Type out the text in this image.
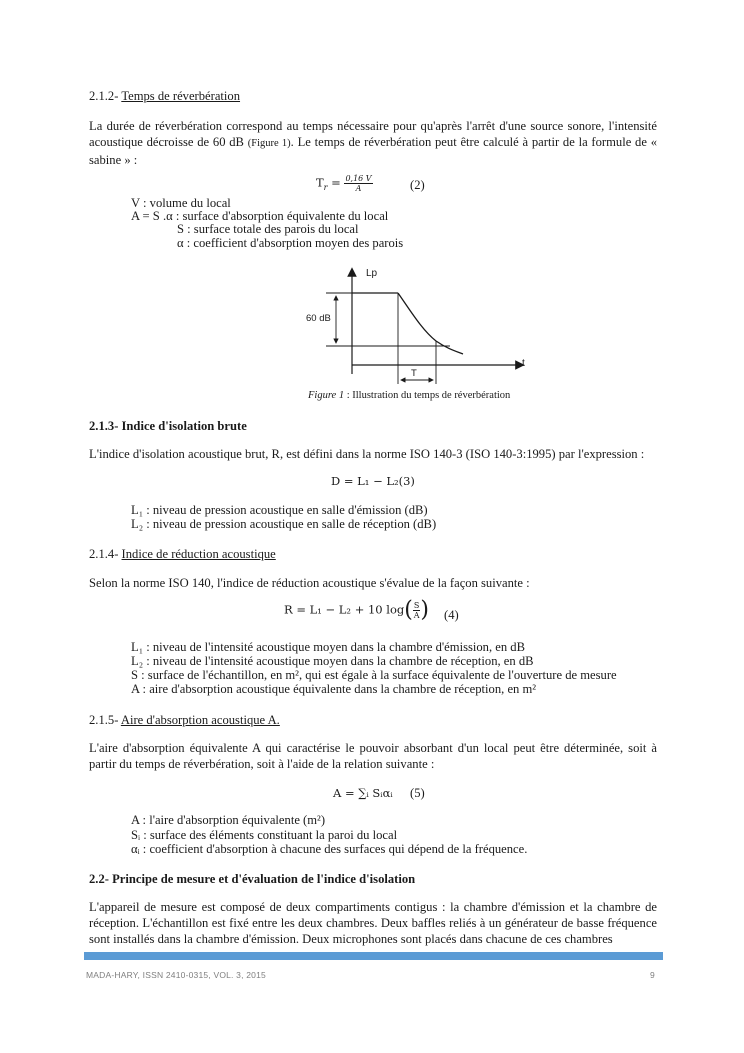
2.1.2- Temps de réverbération
La durée de réverbération correspond au temps nécessaire pour qu'après l'arrêt d'une source sonore, l'intensité acoustique décroisse de 60 dB (Figure 1). Le temps de réverbération peut être calculé à partir de la formule de « sabine » :
$T_r = \frac{0,16 V}{A}$	(2)
V : volume du local
A = S .α : surface d'absorption équivalente du local
S : surface totale des parois du local
α : coefficient d'absorption moyen des parois
Lp
t
60 dB
T
Figure 1 : Illustration du temps de réverbération
2.1.3- Indice d'isolation brute
L'indice d'isolation acoustique brut, R, est défini dans la norme ISO 140-3 (ISO 140-3:1995) par l'expression :
D = L₁ − L₂(3)
L₁ : niveau de pression acoustique en salle d'émission (dB)
L₂ : niveau de pression acoustique en salle de réception (dB)
2.1.4- Indice de réduction acoustique
Selon la norme ISO 140, l'indice de réduction acoustique s'évalue de la façon suivante :
R = L₁ − L₂ + 10 $\log( \frac{S}{A}$ ) (4)
L₁ : niveau de l'intensité acoustique moyen dans la chambre d'émission, en dB
L₂ : niveau de l'intensité acoustique moyen dans la chambre de réception, en dB
S : surface de l'échantillon, en m², qui est égale à la surface équivalente de l'ouverture de mesure
A : aire d'absorption acoustique équivalente dans la chambre de réception, en m²
2.1.5- Aire d'absorption acoustique A.
L'aire d'absorption équivalente A qui caractérise le pouvoir absorbant d'un local peut être déterminée, soit à partir du temps de réverbération, soit à l'aide de la relation suivante :
A = ∑ᵢ Sᵢαᵢ (5)
A : l'aire d'absorption équivalente (m²)
Sᵢ : surface des éléments constituant la paroi du local
αᵢ : coefficient d'absorption à chacune des surfaces qui dépend de la fréquence.
2.2- Principe de mesure et d'évaluation de l'indice d'isolation
L'appareil de mesure est composé de deux compartiments contigus : la chambre d'émission et la chambre de réception. L'échantillon est fixé entre les deux chambres. Deux baffles reliés à un générateur de basse fréquence sont installés dans la chambre d'émission. Deux microphones sont placés dans chacune de ces chambres
MADA-HARY, ISSN 2410-0315, VOL. 3, 2015	9
